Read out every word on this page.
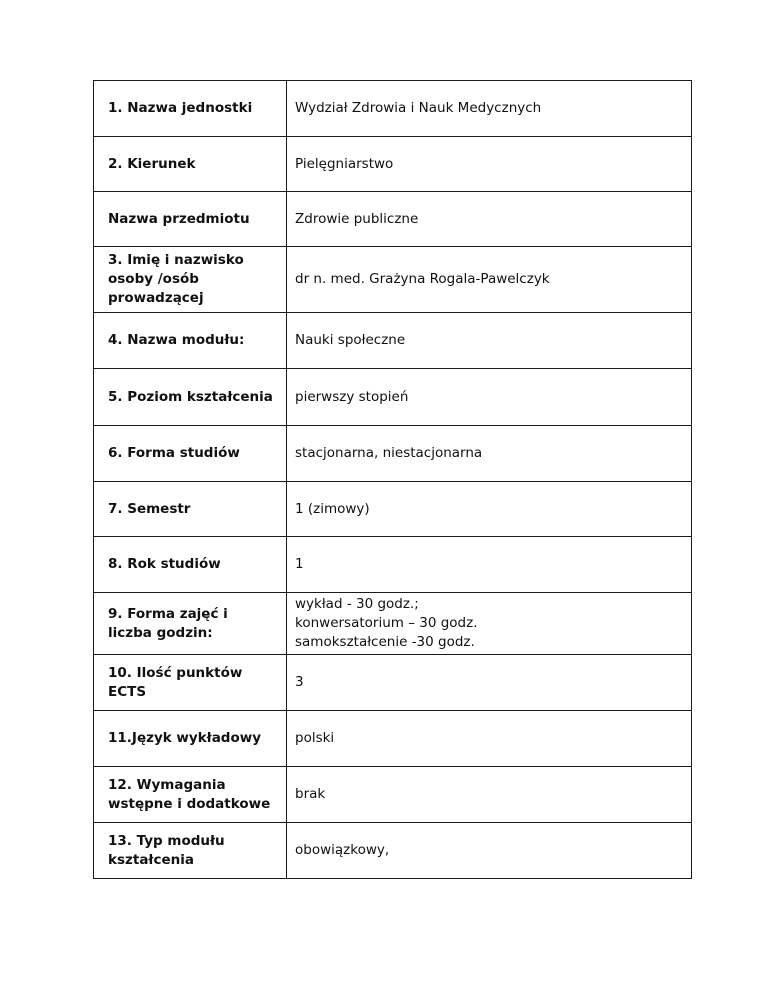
1. Nazwa jednostki	Wydział Zdrowia i Nauk Medycznych
2. Kierunek	Pielęgniarstwo
Nazwa przedmiotu	Zdrowie publiczne
3. Imię i nazwisko
osoby /osób
prowadzącej	dr n. med. Grażyna Rogala-Pawelczyk
4. Nazwa modułu:	Nauki społeczne
5. Poziom kształcenia	pierwszy stopień
6. Forma studiów	stacjonarna, niestacjonarna
7. Semestr	1 (zimowy)
8. Rok studiów	1
9. Forma zajęć i
liczba godzin:	wykład - 30 godz.;
konwersatorium – 30 godz.
samokształcenie -30 godz.
10. Ilość punktów
ECTS	3
11.Język wykładowy	polski
12. Wymagania
wstępne i dodatkowe	brak
13. Typ modułu
kształcenia	obowiązkowy,
